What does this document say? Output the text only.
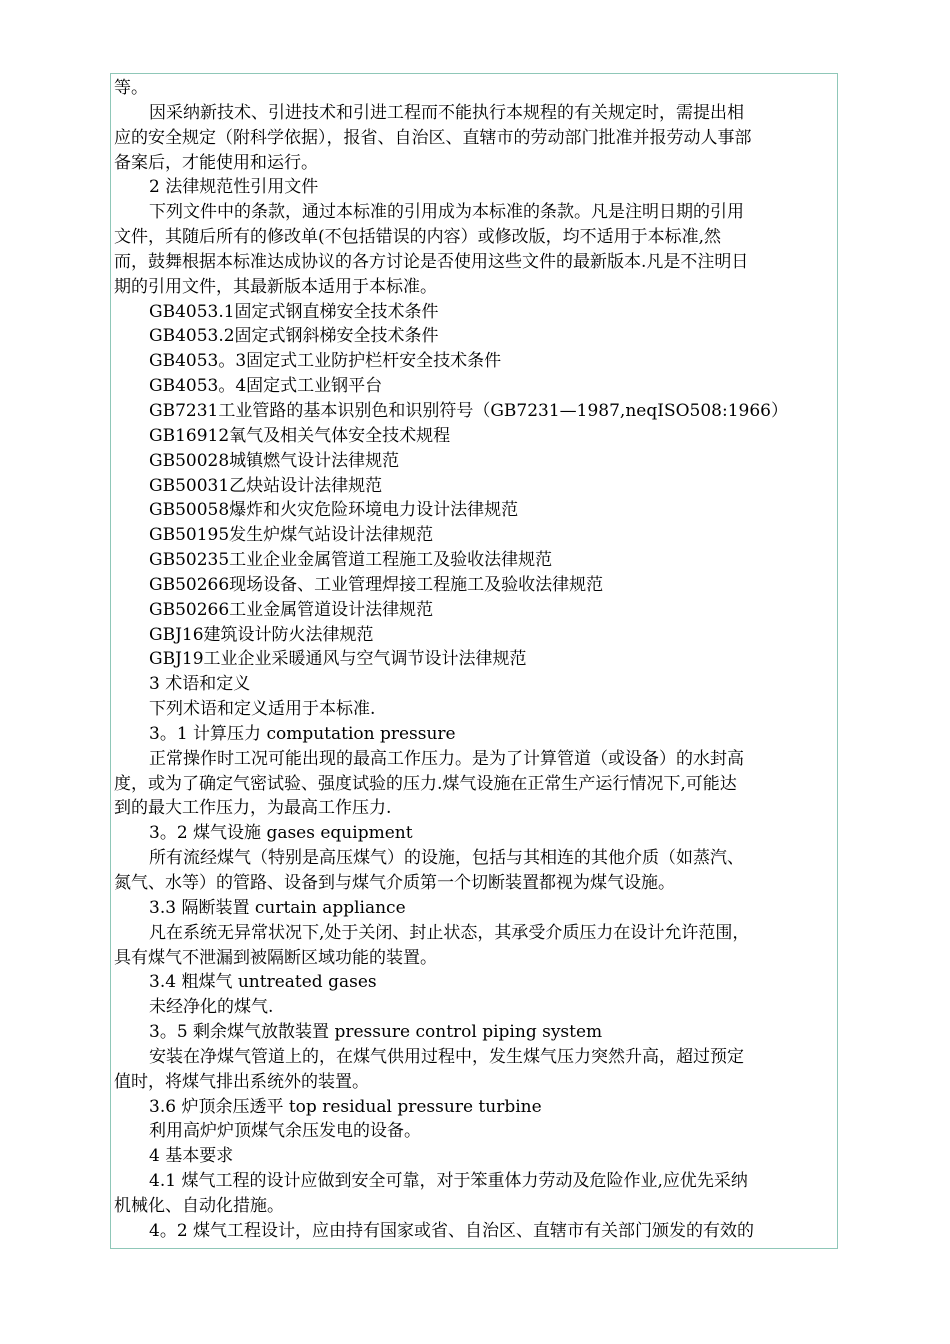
等。
因采纳新技术、引进技术和引进工程而不能执行本规程的有关规定时，需提出相
应的安全规定（附科学依据），报省、自治区、直辖市的劳动部门批准并报劳动人事部
备案后，才能使用和运行。
2 法律规范性引用文件
下列文件中的条款，通过本标准的引用成为本标准的条款。凡是注明日期的引用
文件，其随后所有的修改单(不包括错误的内容）或修改版，均不适用于本标准,然
而，鼓舞根据本标准达成协议的各方讨论是否使用这些文件的最新版本.凡是不注明日
期的引用文件，其最新版本适用于本标准。
GB4053.1固定式钢直梯安全技术条件
GB4053.2固定式钢斜梯安全技术条件
GB4053。3固定式工业防护栏杆安全技术条件
GB4053。4固定式工业钢平台
GB7231工业管路的基本识别色和识别符号（GB7231—1987,neqISO508:1966）
GB16912氧气及相关气体安全技术规程
GB50028城镇燃气设计法律规范
GB50031乙炔站设计法律规范
GB50058爆炸和火灾危险环境电力设计法律规范
GB50195发生炉煤气站设计法律规范
GB50235工业企业金属管道工程施工及验收法律规范
GB50266现场设备、工业管理焊接工程施工及验收法律规范
GB50266工业金属管道设计法律规范
GBJ16建筑设计防火法律规范
GBJ19工业企业采暖通风与空气调节设计法律规范
3 术语和定义
下列术语和定义适用于本标准.
3。1 计算压力 computation pressure
正常操作时工况可能出现的最高工作压力。是为了计算管道（或设备）的水封高
度，或为了确定气密试验、强度试验的压力.煤气设施在正常生产运行情况下,可能达
到的最大工作压力，为最高工作压力.
3。2 煤气设施 gases equipment
所有流经煤气（特别是高压煤气）的设施，包括与其相连的其他介质（如蒸汽、
氮气、水等）的管路、设备到与煤气介质第一个切断装置都视为煤气设施。
3.3 隔断装置 curtain appliance
凡在系统无异常状况下,处于关闭、封止状态，其承受介质压力在设计允许范围，
具有煤气不泄漏到被隔断区域功能的装置。
3.4 粗煤气 untreated gases
未经净化的煤气.
3。5 剩余煤气放散装置 pressure control piping system
安装在净煤气管道上的，在煤气供用过程中，发生煤气压力突然升高，超过预定
值时，将煤气排出系统外的装置。
3.6 炉顶余压透平 top residual pressure turbine
利用高炉炉顶煤气余压发电的设备。
4 基本要求
4.1 煤气工程的设计应做到安全可靠，对于笨重体力劳动及危险作业,应优先采纳
机械化、自动化措施。
4。2 煤气工程设计，应由持有国家或省、自治区、直辖市有关部门颁发的有效的
